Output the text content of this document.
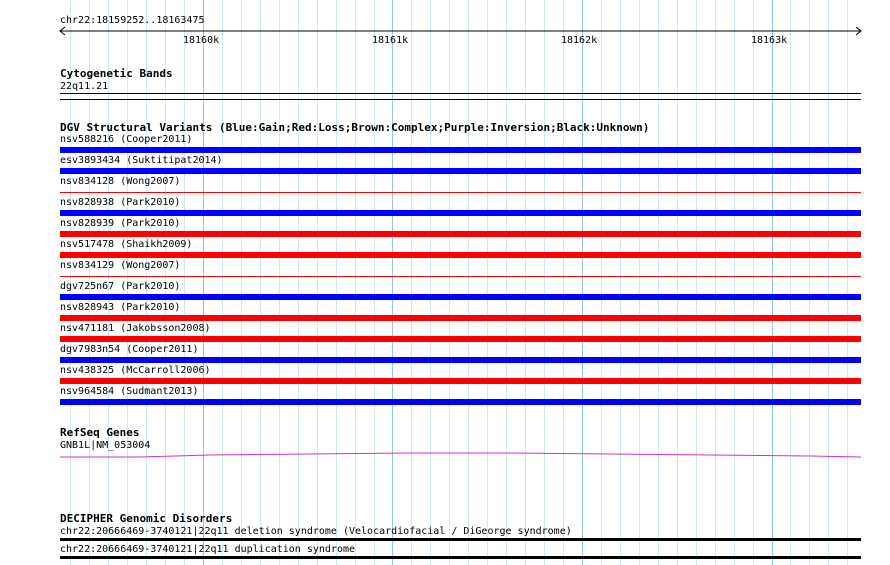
chr22:18159252..18163475
18160k	18161k	18162k	18163k
Cytogenetic Bands
22q11.21
DGV Structural Variants (Blue:Gain;Red:Loss;Brown:Complex;Purple:Inversion;Black:Unknown)
nsv588216 (Cooper2011)
esv3893434 (Suktitipat2014)
nsv834128 (Wong2007)
nsv828938 (Park2010)
nsv828939 (Park2010)
nsv517478 (Shaikh2009)
nsv834129 (Wong2007)
dgv725n67 (Park2010)
nsv828943 (Park2010)
nsv471181 (Jakobsson2008)
dgv7983n54 (Cooper2011)
nsv438325 (McCarroll2006)
nsv964584 (Sudmant2013)
RefSeq Genes
GNB1L|NM_053004
DECIPHER Genomic Disorders
chr22:20666469-3740121|22q11 deletion syndrome (Velocardiofacial / DiGeorge syndrome)
chr22:20666469-3740121|22q11 duplication syndrome
